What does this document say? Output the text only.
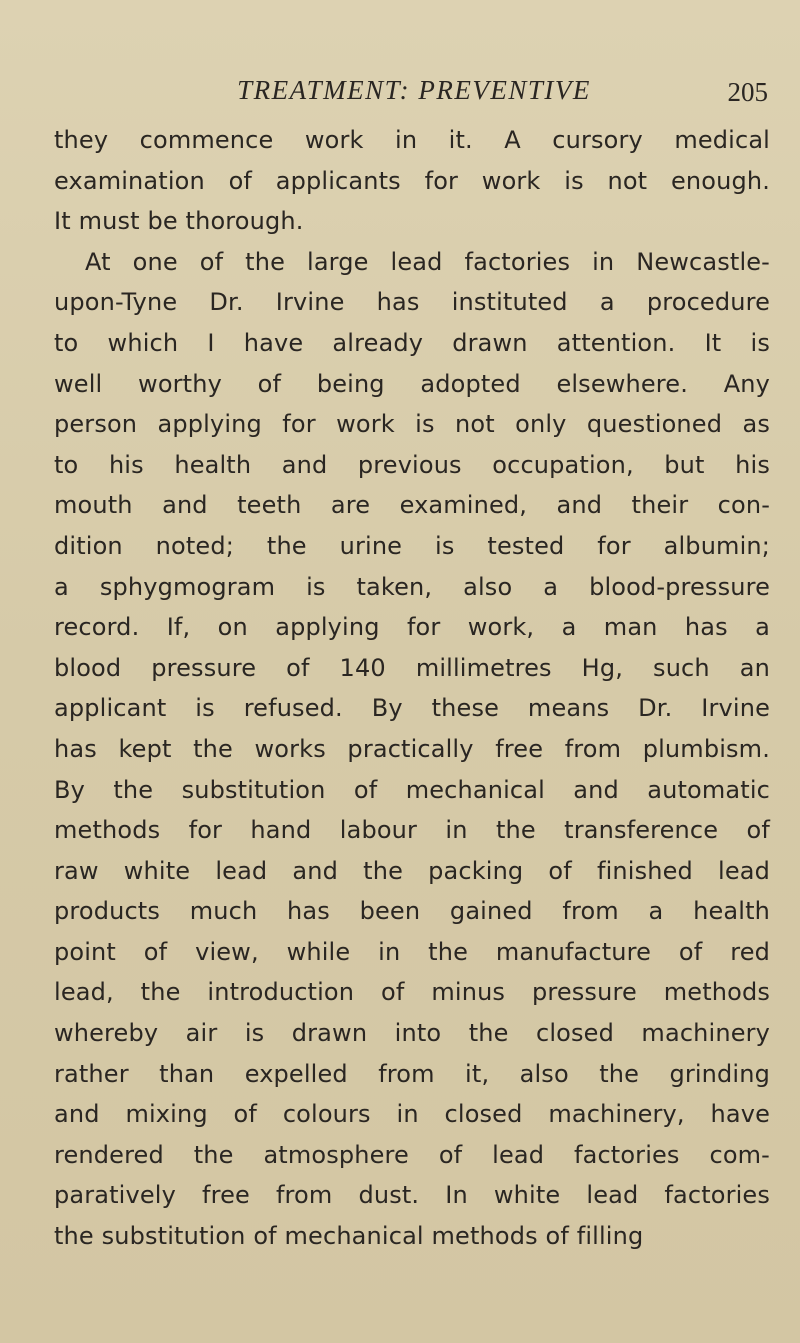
TREATMENT: PREVENTIVE	205
they commence work in it. A cursory medical
examination of applicants for work is not enough.
It must be thorough.
At one of the large lead factories in Newcastle-
upon-Tyne Dr. Irvine has instituted a procedure
to which I have already drawn attention. It is
well worthy of being adopted elsewhere. Any
person applying for work is not only questioned as
to his health and previous occupation, but his
mouth and teeth are examined, and their con-
dition noted; the urine is tested for albumin;
a sphygmogram is taken, also a blood-pressure
record. If, on applying for work, a man has a
blood pressure of 140 millimetres Hg, such an
applicant is refused. By these means Dr. Irvine
has kept the works practically free from plumbism.
By the substitution of mechanical and automatic
methods for hand labour in the transference of
raw white lead and the packing of finished lead
products much has been gained from a health
point of view, while in the manufacture of red
lead, the introduction of minus pressure methods
whereby air is drawn into the closed machinery
rather than expelled from it, also the grinding
and mixing of colours in closed machinery, have
rendered the atmosphere of lead factories com-
paratively free from dust. In white lead factories
the substitution of mechanical methods of filling
